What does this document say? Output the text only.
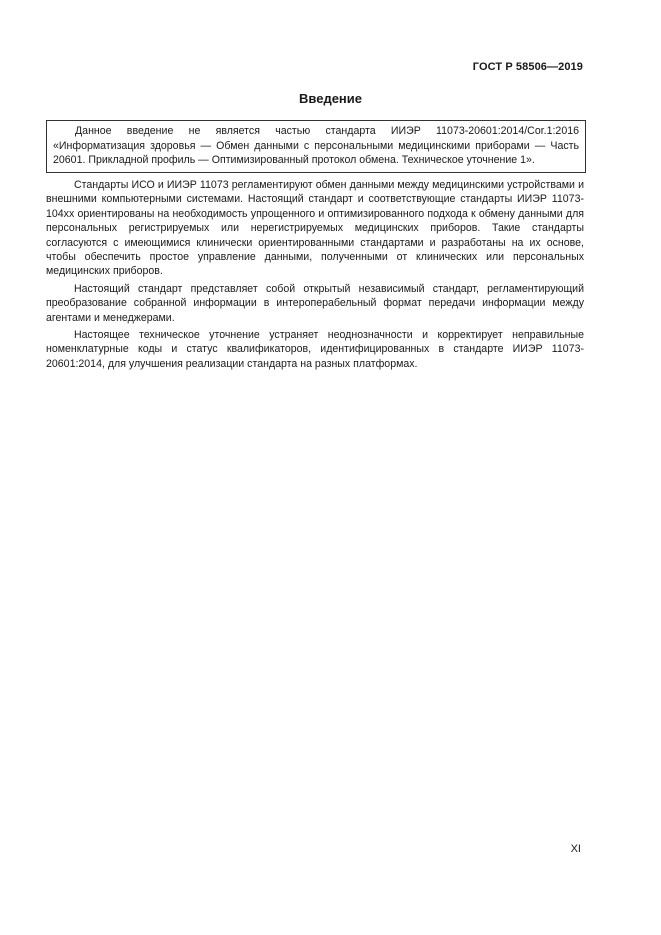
ГОСТ Р 58506—2019
Введение

Данное введение не является частью стандарта ИИЭР 11073-20601:2014/Cor.1:2016 «Информатизация здоровья — Обмен данными с персональными медицинскими приборами — Часть 20601. Прикладной профиль — Оптимизированный протокол обмена. Техническое уточнение 1».

Стандарты ИСО и ИИЭР 11073 регламентируют обмен данными между медицинскими устройствами и внешними компьютерными системами. Настоящий стандарт и соответствующие стандарты ИИЭР 11073-104хх ориентированы на необходимость упрощенного и оптимизированного подхода к обмену данными для персональных регистрируемых или нерегистрируемых медицинских приборов. Такие стандарты согласуются с имеющимися клинически ориентированными стандартами и разработаны на их основе, чтобы обеспечить простое управление данными, полученными от клинических или персональных медицинских приборов.

Настоящий стандарт представляет собой открытый независимый стандарт, регламентирующий преобразование собранной информации в интероперабельный формат передачи информации между агентами и менеджерами.

Настоящее техническое уточнение устраняет неоднозначности и корректирует неправильные номенклатурные коды и статус квалификаторов, идентифицированных в стандарте ИИЭР 11073-20601:2014, для улучшения реализации стандарта на разных платформах.

XI
